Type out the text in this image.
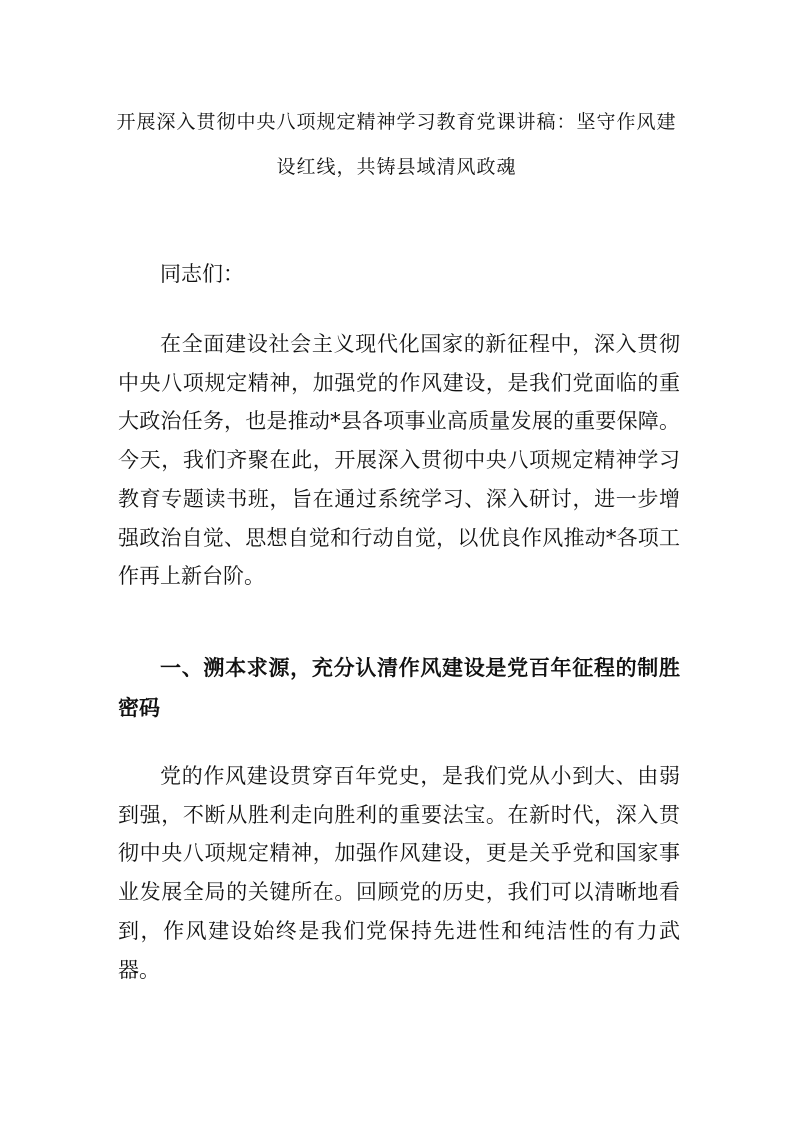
开展深入贯彻中央八项规定精神学习教育党课讲稿：坚守作风建设红线，共铸县域清风政魂
同志们：

在全面建设社会主义现代化国家的新征程中，深入贯彻中央八项规定精神，加强党的作风建设，是我们党面临的重大政治任务，也是推动*县各项事业高质量发展的重要保障。今天，我们齐聚在此，开展深入贯彻中央八项规定精神学习教育专题读书班，旨在通过系统学习、深入研讨，进一步增强政治自觉、思想自觉和行动自觉，以优良作风推动*各项工作再上新台阶。

一、溯本求源，充分认清作风建设是党百年征程的制胜密码

党的作风建设贯穿百年党史，是我们党从小到大、由弱到强，不断从胜利走向胜利的重要法宝。在新时代，深入贯彻中央八项规定精神，加强作风建设，更是关乎党和国家事业发展全局的关键所在。回顾党的历史，我们可以清晰地看到，作风建设始终是我们党保持先进性和纯洁性的有力武器。
